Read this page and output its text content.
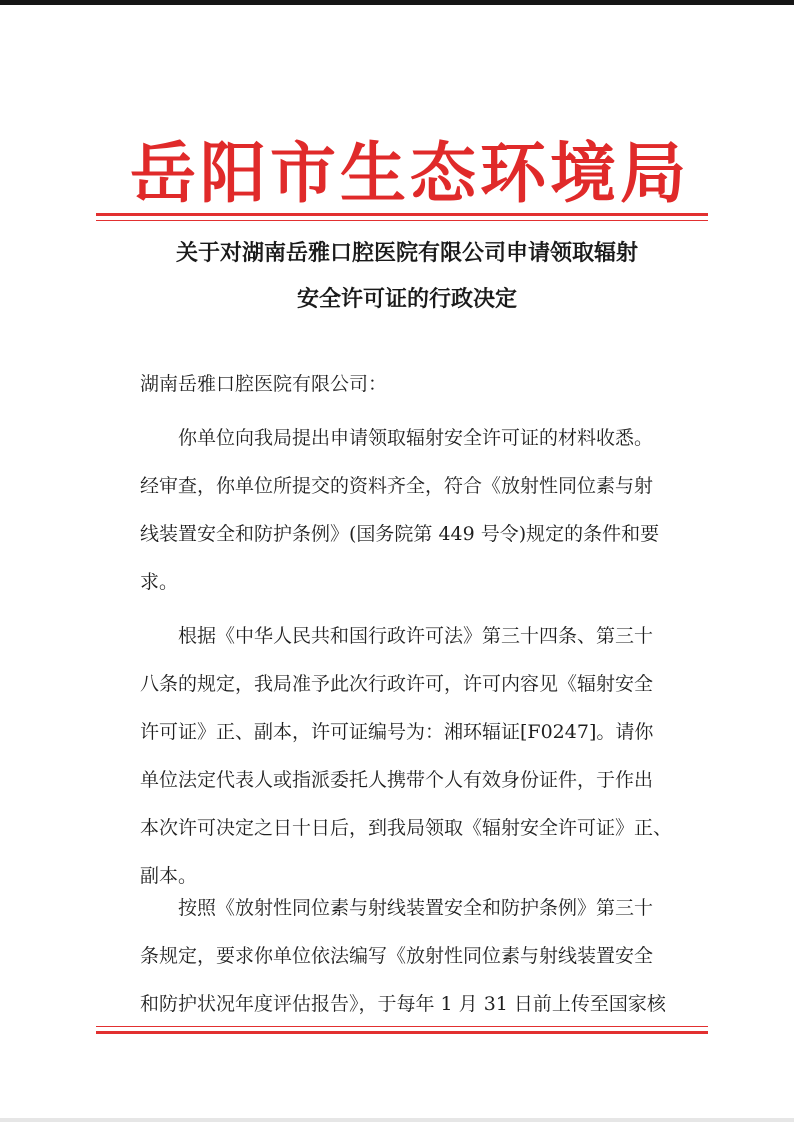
岳阳市生态环境局
关于对湖南岳雅口腔医院有限公司申请领取辐射
安全许可证的行政决定
湖南岳雅口腔医院有限公司：
　　你单位向我局提出申请领取辐射安全许可证的材料收悉。
经审查，你单位所提交的资料齐全，符合《放射性同位素与射
线装置安全和防护条例》(国务院第 449 号令)规定的条件和要
求。
　　根据《中华人民共和国行政许可法》第三十四条、第三十
八条的规定，我局准予此次行政许可，许可内容见《辐射安全
许可证》正、副本，许可证编号为：湘环辐证[F0247]。请你
单位法定代表人或指派委托人携带个人有效身份证件，于作出
本次许可决定之日十日后，到我局领取《辐射安全许可证》正、
副本。
　　按照《放射性同位素与射线装置安全和防护条例》第三十
条规定，要求你单位依法编写《放射性同位素与射线装置安全
和防护状况年度评估报告》，于每年 1 月 31 日前上传至国家核
